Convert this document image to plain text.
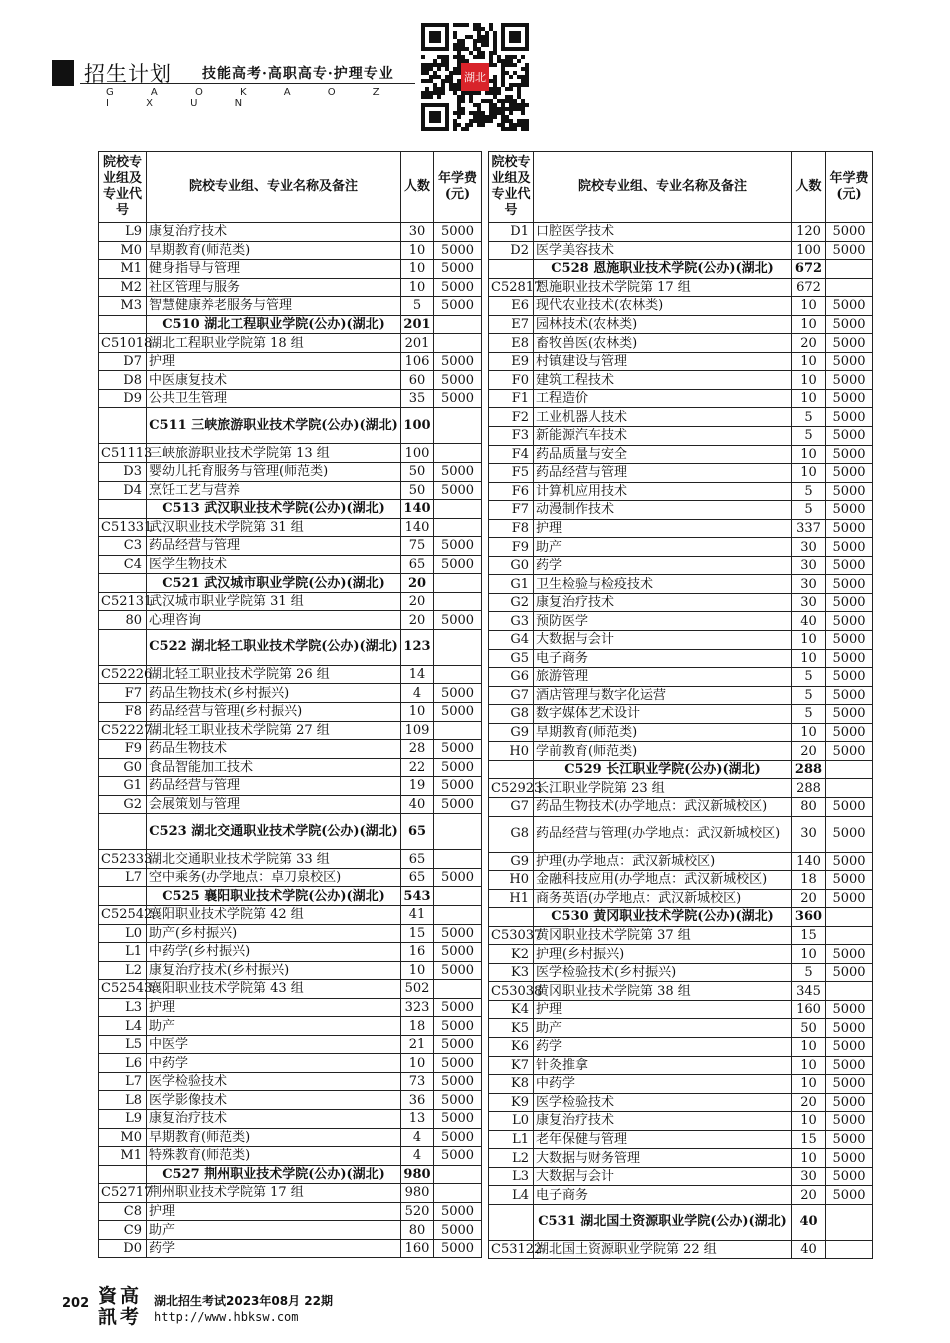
招生计划 技能高考·高职高专·护理专业
G A O K A O Z I X U N
湖北
院校专业组及专业代号	院校专业组、专业名称及备注	人数	年学费(元)
L9	康复治疗技术	30	5000
M0	早期教育(师范类)	10	5000
M1	健身指导与管理	10	5000
M2	社区管理与服务	10	5000
M3	智慧健康养老服务与管理	5	5000
	C510 湖北工程职业学院(公办)(湖北)	201	
C51018	湖北工程职业学院第 18 组	201	
D7	护理	106	5000
D8	中医康复技术	60	5000
D9	公共卫生管理	35	5000
	C511 三峡旅游职业技术学院(公办)(湖北)	100	
C51113	三峡旅游职业技术学院第 13 组	100	
D3	婴幼儿托育服务与管理(师范类)	50	5000
D4	烹饪工艺与营养	50	5000
	C513 武汉职业技术学院(公办)(湖北)	140	
C51331	武汉职业技术学院第 31 组	140	
C3	药品经营与管理	75	5000
C4	医学生物技术	65	5000
	C521 武汉城市职业学院(公办)(湖北)	20	
C52131	武汉城市职业学院第 31 组	20	
80	心理咨询	20	5000
	C522 湖北轻工职业技术学院(公办)(湖北)	123	
C52226	湖北轻工职业技术学院第 26 组	14	
F7	药品生物技术(乡村振兴)	4	5000
F8	药品经营与管理(乡村振兴)	10	5000
C52227	湖北轻工职业技术学院第 27 组	109	
F9	药品生物技术	28	5000
G0	食品智能加工技术	22	5000
G1	药品经营与管理	19	5000
G2	会展策划与管理	40	5000
	C523 湖北交通职业技术学院(公办)(湖北)	65	
C52333	湖北交通职业技术学院第 33 组	65	
L7	空中乘务(办学地点：卓刀泉校区)	65	5000
	C525 襄阳职业技术学院(公办)(湖北)	543	
C52542	襄阳职业技术学院第 42 组	41	
L0	助产(乡村振兴)	15	5000
L1	中药学(乡村振兴)	16	5000
L2	康复治疗技术(乡村振兴)	10	5000
C52543	襄阳职业技术学院第 43 组	502	
L3	护理	323	5000
L4	助产	18	5000
L5	中医学	21	5000
L6	中药学	10	5000
L7	医学检验技术	73	5000
L8	医学影像技术	36	5000
L9	康复治疗技术	13	5000
M0	早期教育(师范类)	4	5000
M1	特殊教育(师范类)	4	5000
	C527 荆州职业技术学院(公办)(湖北)	980	
C52717	荆州职业技术学院第 17 组	980	
C8	护理	520	5000
C9	助产	80	5000
D0	药学	160	5000
院校专业组及专业代号	院校专业组、专业名称及备注	人数	年学费(元)
D1	口腔医学技术	120	5000
D2	医学美容技术	100	5000
	C528 恩施职业技术学院(公办)(湖北)	672	
C52817	恩施职业技术学院第 17 组	672	
E6	现代农业技术(农林类)	10	5000
E7	园林技术(农林类)	10	5000
E8	畜牧兽医(农林类)	20	5000
E9	村镇建设与管理	10	5000
F0	建筑工程技术	10	5000
F1	工程造价	10	5000
F2	工业机器人技术	5	5000
F3	新能源汽车技术	5	5000
F4	药品质量与安全	10	5000
F5	药品经营与管理	10	5000
F6	计算机应用技术	5	5000
F7	动漫制作技术	5	5000
F8	护理	337	5000
F9	助产	30	5000
G0	药学	30	5000
G1	卫生检验与检疫技术	30	5000
G2	康复治疗技术	30	5000
G3	预防医学	40	5000
G4	大数据与会计	10	5000
G5	电子商务	10	5000
G6	旅游管理	5	5000
G7	酒店管理与数字化运营	5	5000
G8	数字媒体艺术设计	5	5000
G9	早期教育(师范类)	10	5000
H0	学前教育(师范类)	20	5000
	C529 长江职业学院(公办)(湖北)	288	
C52923	长江职业学院第 23 组	288	
G7	药品生物技术(办学地点：武汉新城校区)	80	5000
G8	药品经营与管理(办学地点：武汉新城校区)	30	5000
G9	护理(办学地点：武汉新城校区)	140	5000
H0	金融科技应用(办学地点：武汉新城校区)	18	5000
H1	商务英语(办学地点：武汉新城校区)	20	5000
	C530 黄冈职业技术学院(公办)(湖北)	360	
C53037	黄冈职业技术学院第 37 组	15	
K2	护理(乡村振兴)	10	5000
K3	医学检验技术(乡村振兴)	5	5000
C53038	黄冈职业技术学院第 38 组	345	
K4	护理	160	5000
K5	助产	50	5000
K6	药学	10	5000
K7	针灸推拿	10	5000
K8	中药学	10	5000
K9	医学检验技术	20	5000
L0	康复治疗技术	10	5000
L1	老年保健与管理	15	5000
L2	大数据与财务管理	10	5000
L3	大数据与会计	30	5000
L4	电子商务	20	5000
	C531 湖北国土资源职业学院(公办)(湖北)	40	
C53122	湖北国土资源职业学院第 22 组	40	
202 資
訊
高
考
湖北招生考试2023年08月 22期
http://www.hbksw.com
